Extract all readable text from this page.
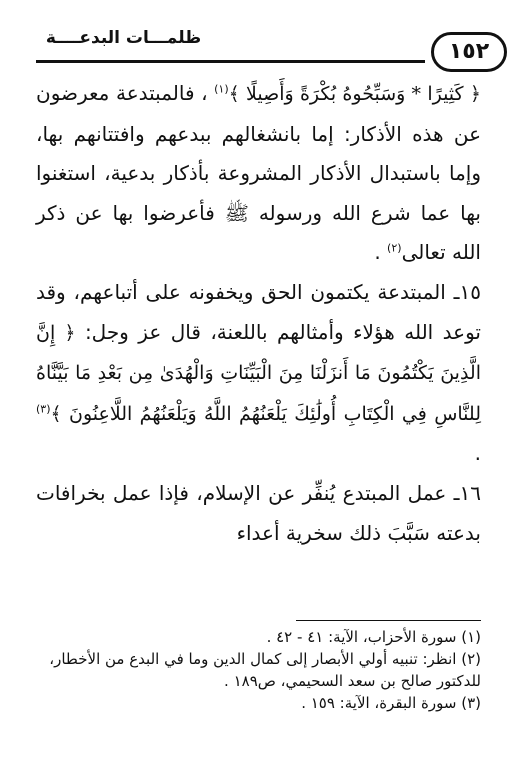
ظلمـــات البدعــــة
١٥٢

﴿ كَثِيرًا * وَسَبِّحُوهُ بُكْرَةً وَأَصِيلًا ﴾$^{(١)}$ ، فالمبتدعة معرضون عن هذه الأذكار: إما بانشغالهم ببدعهم وافتتانهم بها، وإما باستبدال الأذكار المشروعة بأذكار بدعية، استغنوا بها عما شرع الله ورسوله ﷺ فأعرضوا بها عن ذكر الله تعالى$^{(٢)}$ .

١٥ـ المبتدعة يكتمون الحق ويخفونه على أتباعهم، وقد توعد الله هؤلاء وأمثالهم باللعنة، قال عز وجل: ﴿ إِنَّ الَّذِينَ يَكْتُمُونَ مَا أَنزَلْنَا مِنَ الْبَيِّنَاتِ وَالْهُدَىٰ مِن بَعْدِ مَا بَيَّنَّاهُ لِلنَّاسِ فِي الْكِتَابِ أُولَٰئِكَ يَلْعَنُهُمُ اللَّهُ وَيَلْعَنُهُمُ اللَّاعِنُونَ ﴾$^{(٣)}$ .

١٦ـ عمل المبتدع يُنفِّر عن الإسلام، فإذا عمل بخرافات بدعته سَبَّبَ ذلك سخرية أعداء

(١) سورة الأحزاب، الآية: ٤١ - ٤٢ .

(٢) انظر: تنبيه أولي الأبصار إلى كمال الدين وما في البدع من الأخطار، للدكتور صالح بن سعد السحيمي، ص١٨٩ .

(٣) سورة البقرة، الآية: ١٥٩ .
